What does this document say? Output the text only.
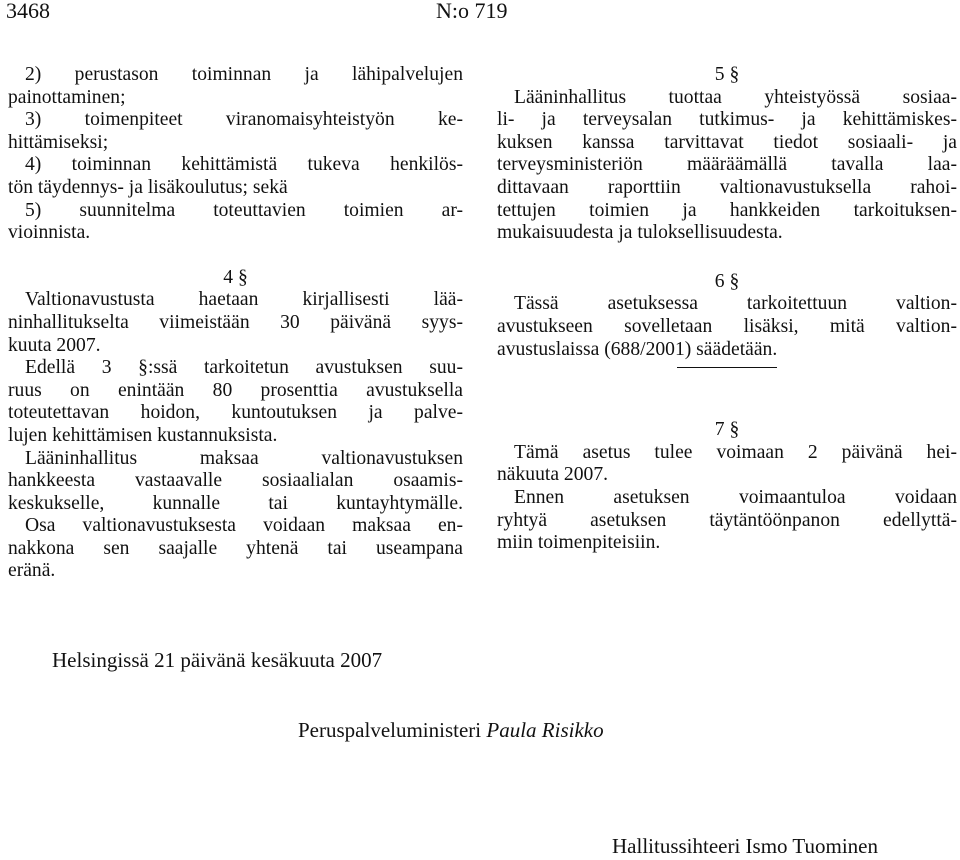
3468	N:o 719
2) perustason toiminnan ja lähipalvelujen
painottaminen;
3) toimenpiteet viranomaisyhteistyön ke-
hittämiseksi;
4) toiminnan kehittämistä tukeva henkilös-
tön täydennys- ja lisäkoulutus; sekä
5) suunnitelma toteuttavien toimien ar-
vioinnista.
4 §
Valtionavustusta haetaan kirjallisesti lää-
ninhallitukselta viimeistään 30 päivänä syys-
kuuta 2007.
Edellä 3 §:ssä tarkoitetun avustuksen suu-
ruus on enintään 80 prosenttia avustuksella
toteutettavan hoidon, kuntoutuksen ja palve-
lujen kehittämisen kustannuksista.
Lääninhallitus maksaa valtionavustuksen
hankkeesta vastaavalle sosiaalialan osaamis-
keskukselle, kunnalle tai kuntayhtymälle.
Osa valtionavustuksesta voidaan maksaa en-
nakkona sen saajalle yhtenä tai useampana
eränä.
5 §
Lääninhallitus tuottaa yhteistyössä sosiaa-
li- ja terveysalan tutkimus- ja kehittämiskes-
kuksen kanssa tarvittavat tiedot sosiaali- ja
terveysministeriön määräämällä tavalla laa-
dittavaan raporttiin valtionavustuksella rahoi-
tettujen toimien ja hankkeiden tarkoituksen-
mukaisuudesta ja tuloksellisuudesta.
6 §
Tässä asetuksessa tarkoitettuun valtion-
avustukseen sovelletaan lisäksi, mitä valtion-
avustuslaissa (688/2001) säädetään.
7 §
Tämä asetus tulee voimaan 2 päivänä hei-
näkuuta 2007.
Ennen asetuksen voimaantuloa voidaan
ryhtyä asetuksen täytäntöönpanon edellyttä-
miin toimenpiteisiin.
Helsingissä 21 päivänä kesäkuuta 2007
Peruspalveluministeri Paula Risikko
Hallitussihteeri Ismo Tuominen
